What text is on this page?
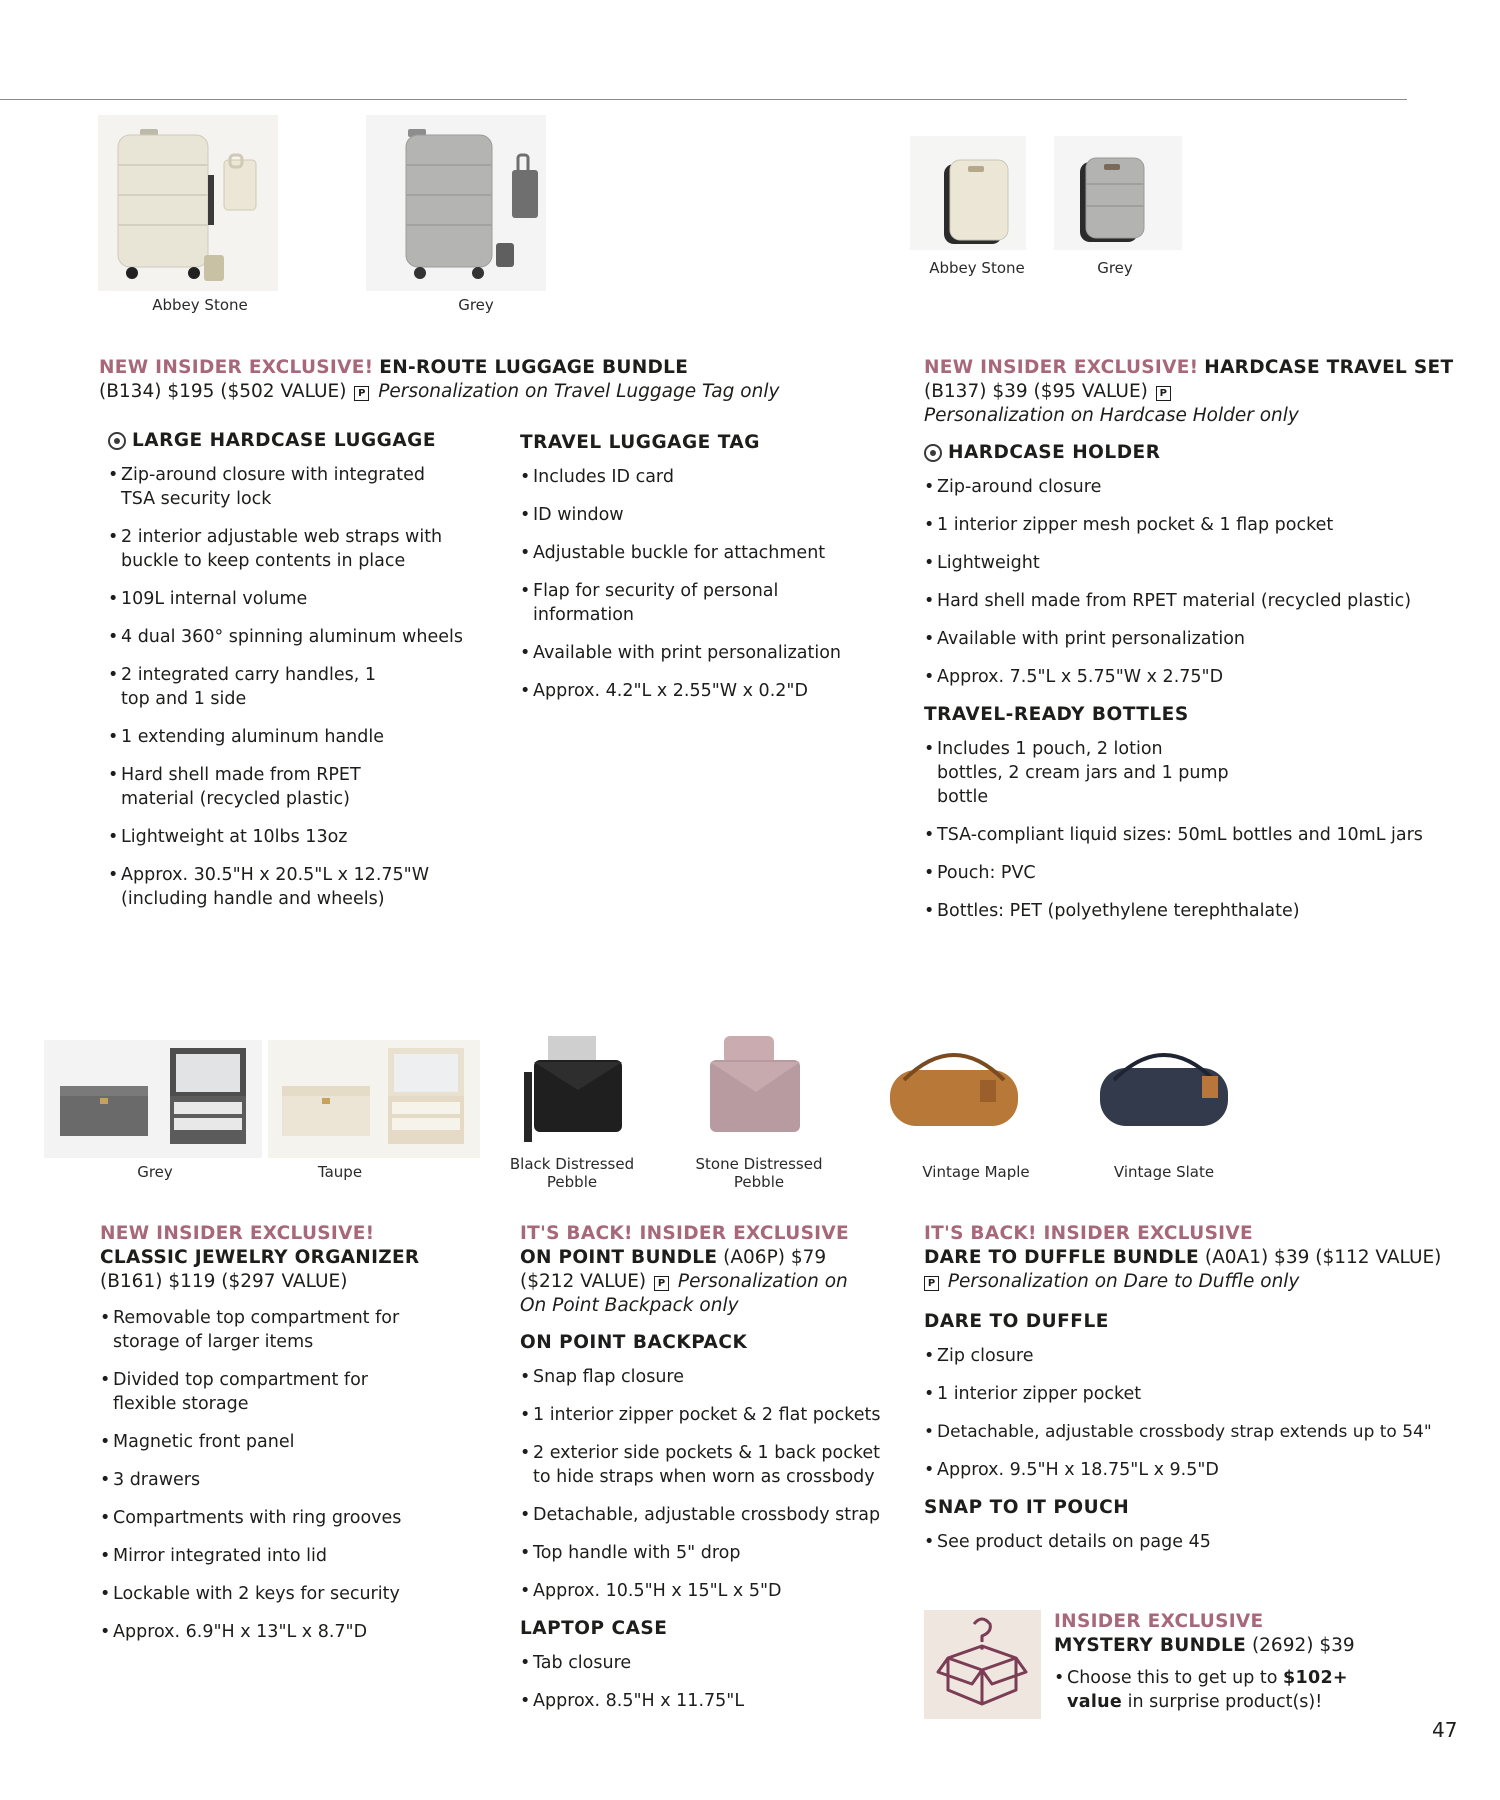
Abbey Stone	Grey
Abbey Stone	Grey

NEW INSIDER EXCLUSIVE! EN-ROUTE LUGGAGE BUNDLE

(B134) $195 ($502 VALUE) P Personalization on Travel Luggage Tag only

LARGE HARDCASE LUGGAGE
• Zip-around closure with integrated TSA security lock
• 2 interior adjustable web straps with buckle to keep contents in place
• 109L internal volume
• 4 dual 360° spinning aluminum wheels
• 2 integrated carry handles, 1 top and 1 side
• 1 extending aluminum handle
• Hard shell made from RPET material (recycled plastic)
• Lightweight at 10lbs 13oz
• Approx. 30.5"H x 20.5"L x 12.75"W (including handle and wheels)
TRAVEL LUGGAGE TAG
• Includes ID card
• ID window
• Adjustable buckle for attachment
• Flap for security of personal information
• Available with print personalization
• Approx. 4.2"L x 2.55"W x 0.2"D

NEW INSIDER EXCLUSIVE! HARDCASE TRAVEL SET

(B137) $39 ($95 VALUE) P

Personalization on Hardcase Holder only

HARDCASE HOLDER
• Zip-around closure
• 1 interior zipper mesh pocket & 1 flap pocket
• Lightweight
• Hard shell made from RPET material (recycled plastic)
• Available with print personalization
• Approx. 7.5"L x 5.75"W x 2.75"D
TRAVEL-READY BOTTLES
• Includes 1 pouch, 2 lotion bottles, 2 cream jars and 1 pump bottle
• TSA-compliant liquid sizes: 50mL bottles and 10mL jars
• Pouch: PVC
• Bottles: PET (polyethylene terephthalate)
Grey	Taupe	Black Distressed Pebble
Stone Distressed Pebble
Vintage Maple	Vintage Slate

NEW INSIDER EXCLUSIVE!

CLASSIC JEWELRY ORGANIZER

(B161) $119 ($297 VALUE)

• Removable top compartment for storage of larger items
• Divided top compartment for flexible storage
• Magnetic front panel
• 3 drawers
• Compartments with ring grooves
• Mirror integrated into lid
• Lockable with 2 keys for security
• Approx. 6.9"H x 13"L x 8.7"D

IT'S BACK! INSIDER EXCLUSIVE

ON POINT BUNDLE (A06P) $79 ($212 VALUE) P Personalization on On Point Backpack only

ON POINT BACKPACK
• Snap flap closure
• 1 interior zipper pocket & 2 flat pockets
• 2 exterior side pockets & 1 back pocket to hide straps when worn as crossbody
• Detachable, adjustable crossbody strap
• Top handle with 5" drop
• Approx. 10.5"H x 15"L x 5"D
LAPTOP CASE
• Tab closure
• Approx. 8.5"H x 11.75"L

IT'S BACK! INSIDER EXCLUSIVE

DARE TO DUFFLE BUNDLE (A0A1) $39 ($112 VALUE)

P Personalization on Dare to Duffle only

DARE TO DUFFLE
• Zip closure
• 1 interior zipper pocket
• Detachable, adjustable crossbody strap extends up to 54"
• Approx. 9.5"H x 18.75"L x 9.5"D
SNAP TO IT POUCH
• See product details on page 45

INSIDER EXCLUSIVE

MYSTERY BUNDLE (2692) $39

• Choose this to get up to $102+ value in surprise product(s)!
47
